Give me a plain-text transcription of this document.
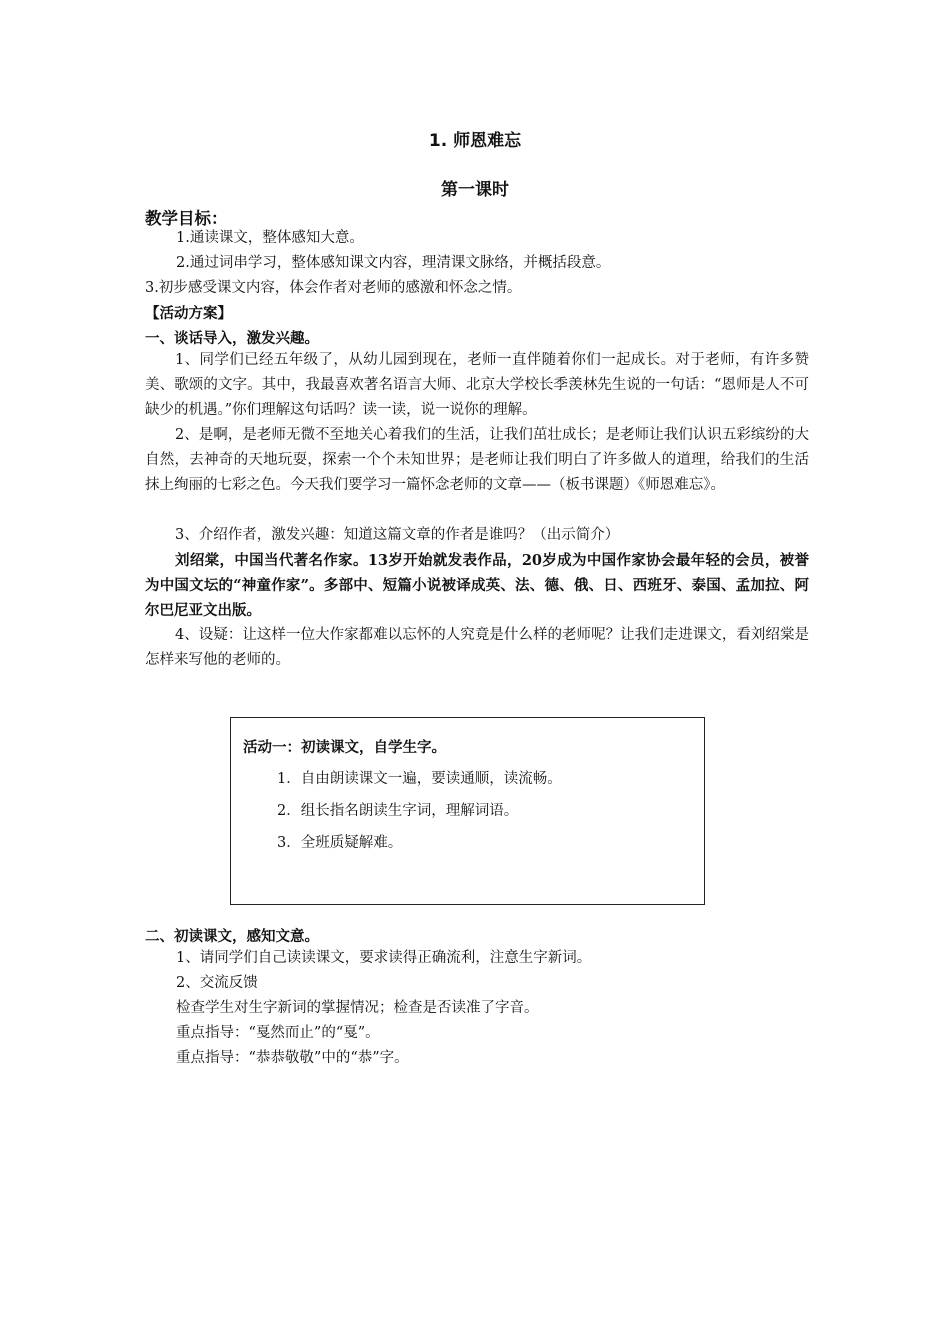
1. 师恩难忘
第一课时
教学目标：
1.通读课文，整体感知大意。
2.通过词串学习，整体感知课文内容，理清课文脉络，并概括段意。
3.初步感受课文内容，体会作者对老师的感激和怀念之情。
【活动方案】
一、谈话导入，激发兴趣。
1、同学们已经五年级了，从幼儿园到现在，老师一直伴随着你们一起成长。对于老师，有许多赞美、歌颂的文字。其中，我最喜欢著名语言大师、北京大学校长季羡林先生说的一句话：“恩师是人不可缺少的机遇。”你们理解这句话吗？读一读，说一说你的理解。
2、是啊，是老师无微不至地关心着我们的生活，让我们茁壮成长；是老师让我们认识五彩缤纷的大自然，去神奇的天地玩耍，探索一个个未知世界；是老师让我们明白了许多做人的道理，给我们的生活抹上绚丽的七彩之色。今天我们要学习一篇怀念老师的文章——（板书课题）《师恩难忘》。
3、介绍作者，激发兴趣：知道这篇文章的作者是谁吗？（出示简介）
刘绍棠，中国当代著名作家。13岁开始就发表作品，20岁成为中国作家协会最年轻的会员，被誉为中国文坛的“神童作家”。多部中、短篇小说被译成英、法、德、俄、日、西班牙、泰国、孟加拉、阿尔巴尼亚文出版。
4、设疑：让这样一位大作家都难以忘怀的人究竟是什么样的老师呢？让我们走进课文，看刘绍棠是怎样来写他的老师的。
活动一：初读课文，自学生字。
1．自由朗读课文一遍，要读通顺，读流畅。
2．组长指名朗读生字词，理解词语。
3．全班质疑解难。
二、初读课文，感知文意。
1、请同学们自己读读课文，要求读得正确流利，注意生字新词。
2、交流反馈
检查学生对生字新词的掌握情况；检查是否读准了字音。
重点指导：“戛然而止”的“戛”。
重点指导：“恭恭敬敬”中的“恭”字。
